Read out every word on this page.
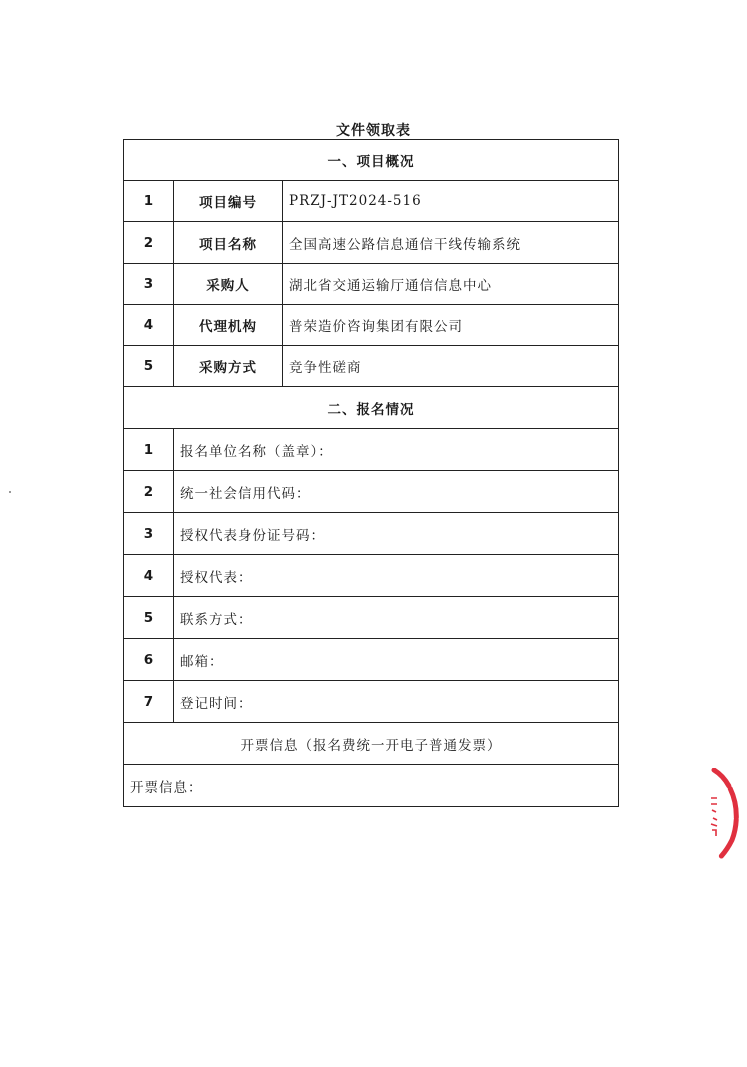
文件领取表
一、项目概况		
1	项目编号	PRZJ-JT2024-516
2	项目名称	全国高速公路信息通信干线传输系统
3	采购人	湖北省交通运输厅通信信息中心
4	代理机构	普荣造价咨询集团有限公司
5	采购方式	竞争性磋商
二、报名情况		
1	报名单位名称（盖章）：	
2	统一社会信用代码：	
3	授权代表身份证号码：	
4	授权代表：	
5	联系方式：	
6	邮箱：	
7	登记时间：	
开票信息（报名费统一开电子普通发票）		
开票信息：		
